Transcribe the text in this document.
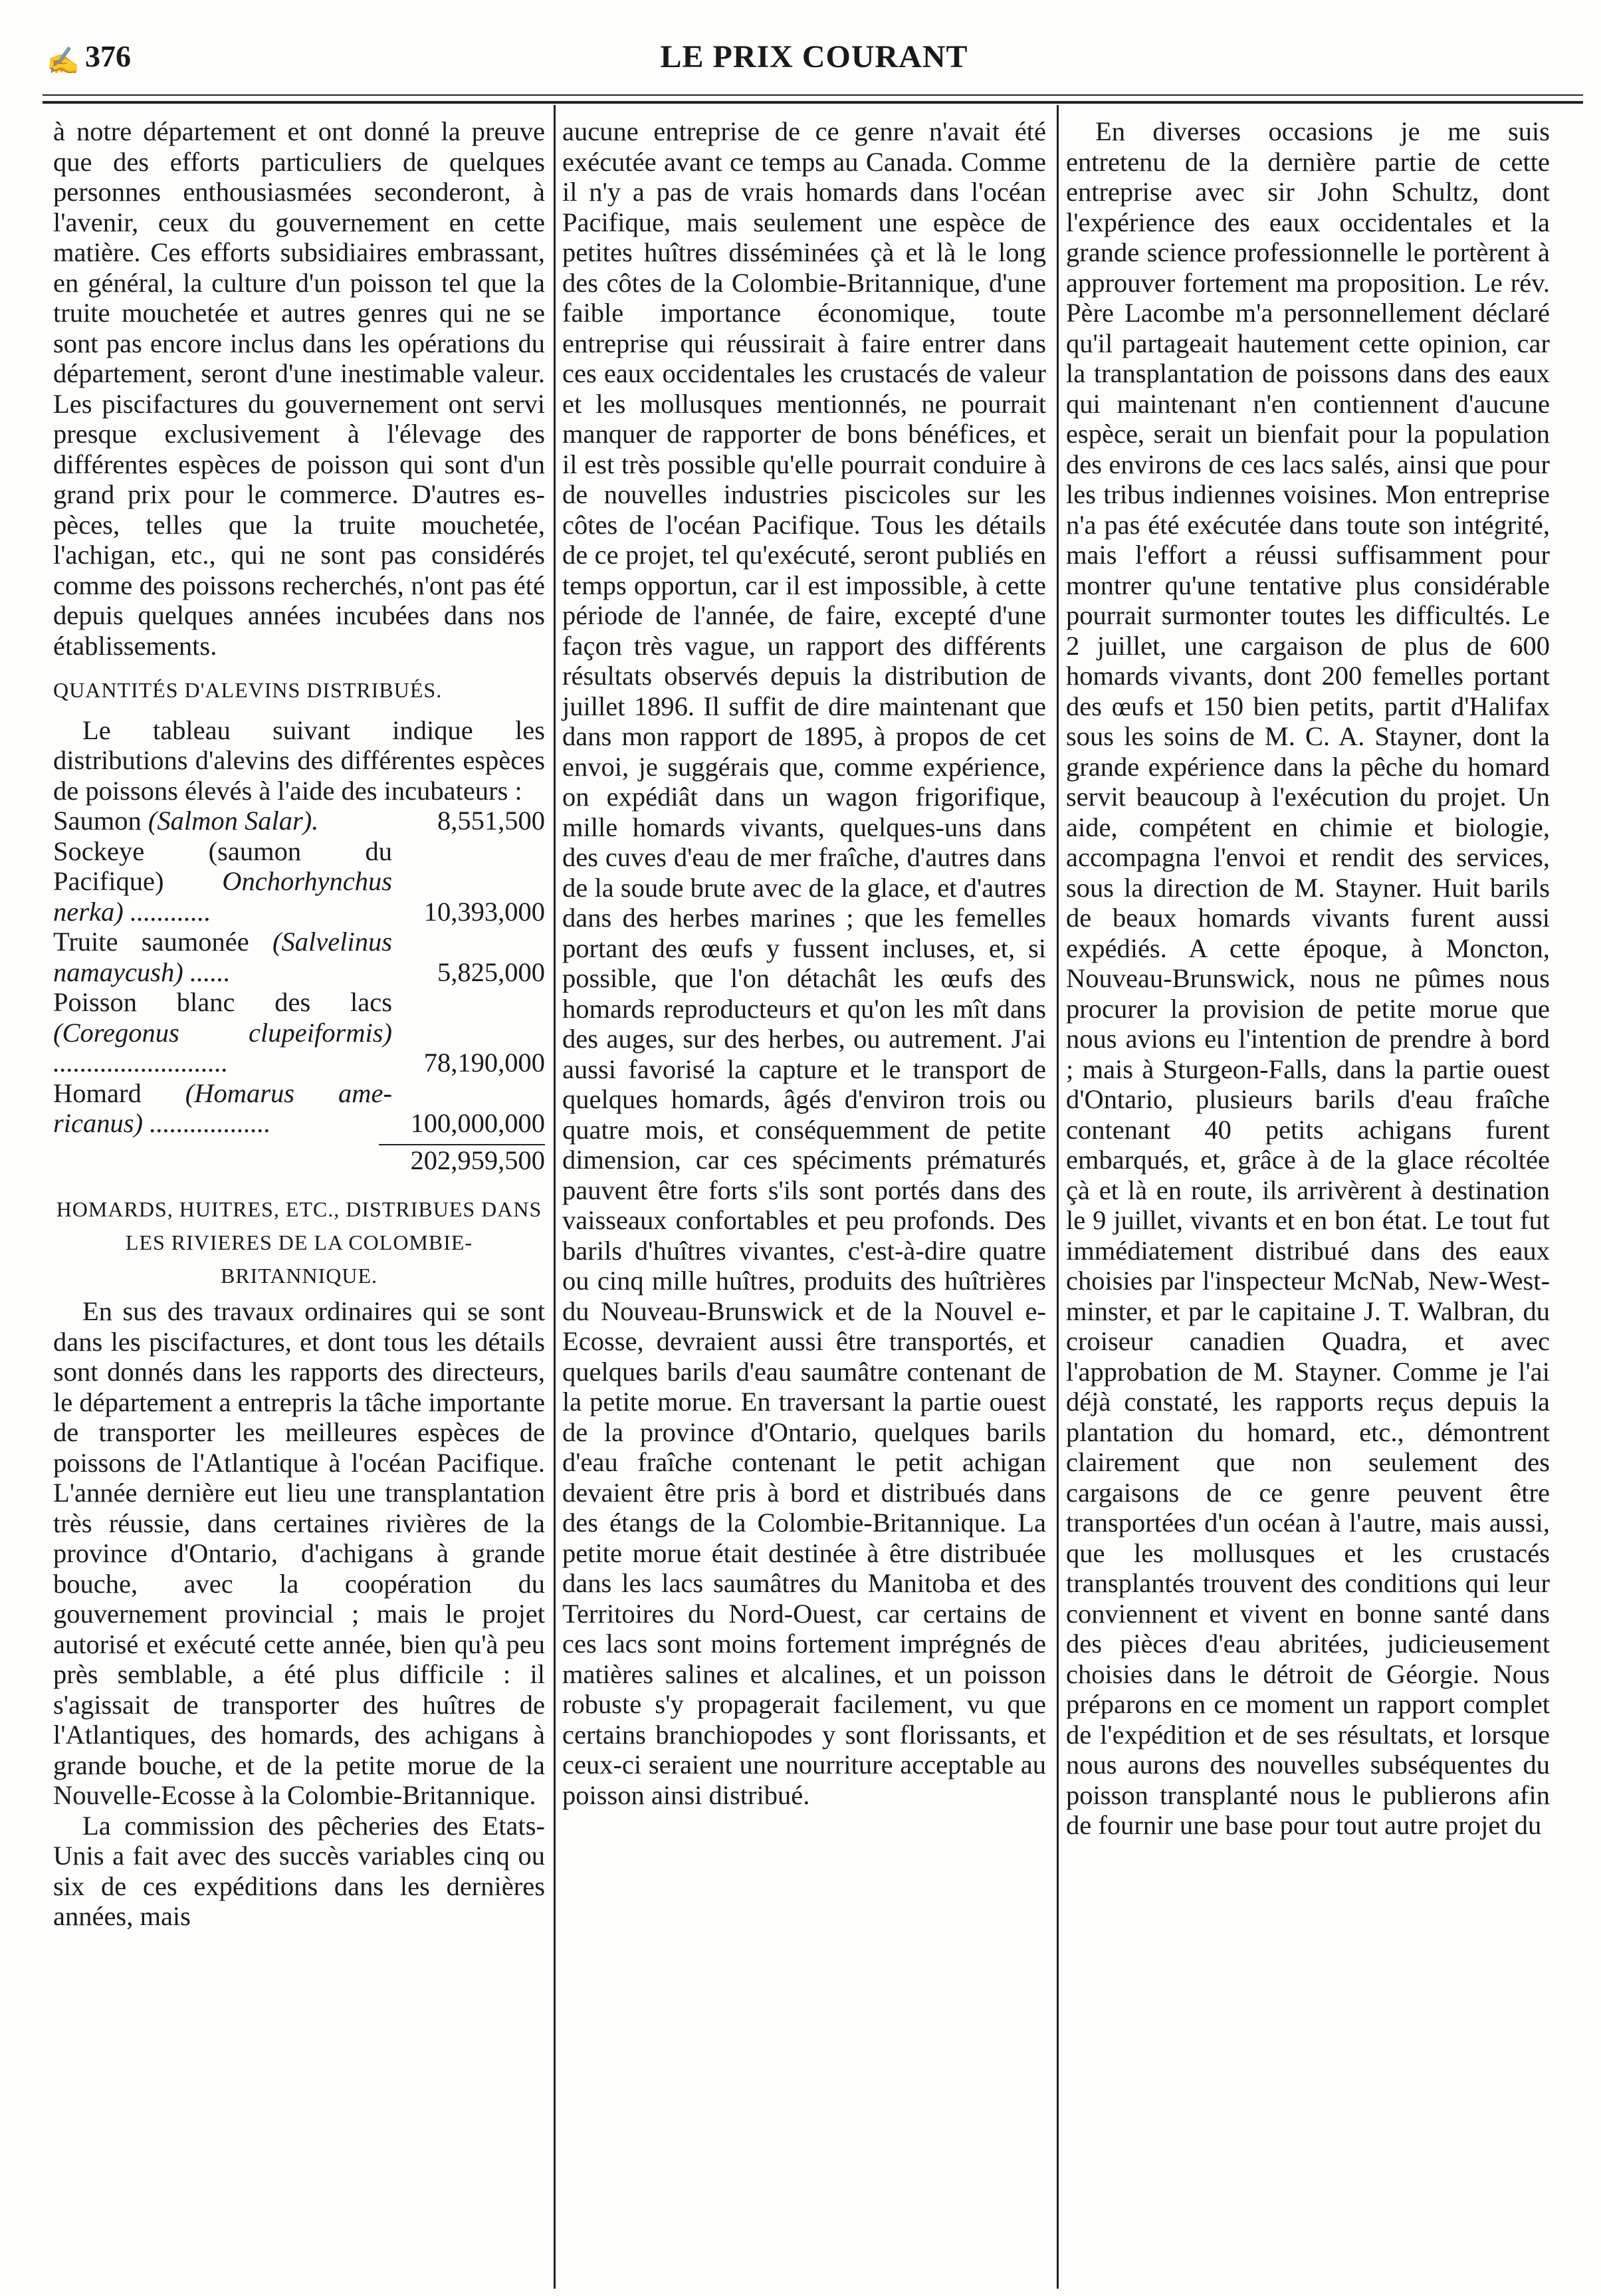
✍ 376	LE PRIX COURANT

à notre département et ont donné la preuve que des efforts particuliers de quelques personnes enthousiasmées seconderont, à l'avenir, ceux du gouvernement en cette matière. Ces efforts subsidiaires embrassant, en général, la culture d'un poisson tel que la truite mouchetée et autres genres qui ne se sont pas encore inclus dans les opérations du département, seront d'une inestimable valeur. Les piscifactures du gouvernement ont servi presque exclusivement à l'élevage des différentes espèces de poisson qui sont d'un grand prix pour le commerce. D'autres espèces, telles que la truite mouchetée, l'achigan, etc., qui ne sont pas considérés comme des poissons recherchés, n'ont pas été depuis quelques années incubées dans nos établissements.

QUANTITÉS D'ALEVINS DISTRIBUÉS.

Le tableau suivant indique les distributions d'alevins des différentes espèces de poissons élevés à l'aide des incubateurs :

Saumon (Salmon Salar).	8,551,500
Sockeye (saumon du Pacifique) Onchorhynchus nerka) ............	10,393,000
Truite saumonée (Salvelinus namaycush) ......	5,825,000
Poisson blanc des lacs (Coregonus clupeiformis) ..........................	78,190,000
Homard (Homarus americanus) ..................	100,000,000

202,959,500

HOMARDS, HUITRES, ETC., DISTRIBUES DANS LES RIVIERES DE LA COLOMBIE-BRITANNIQUE.

En sus des travaux ordinaires qui se sont dans les piscifactures, et dont tous les détails sont donnés dans les rapports des directeurs, le département a entrepris la tâche importante de transporter les meilleures espèces de poissons de l'Atlantique à l'océan Pacifique. L'année dernière eut lieu une transplantation très réussie, dans certaines rivières de la province d'Ontario, d'achigans à grande bouche, avec la coopération du gouvernement provincial ; mais le projet autorisé et exécuté cette année, bien qu'à peu près semblable, a été plus difficile : il s'agissait de transporter des huîtres de l'Atlantiques, des homards, des achigans à grande bouche, et de la petite morue de la Nouvelle-Ecosse à la Colombie-Britannique.

La commission des pêcheries des Etats-Unis a fait avec des succès variables cinq ou six de ces expéditions dans les dernières années, mais

aucune entreprise de ce genre n'avait été exécutée avant ce temps au Canada. Comme il n'y a pas de vrais homards dans l'océan Pacifique, mais seulement une espèce de petites huîtres disséminées çà et là le long des côtes de la Colombie-Britannique, d'une faible importance économique, toute entreprise qui réussirait à faire entrer dans ces eaux occidentales les crustacés de valeur et les mollusques mentionnés, ne pourrait manquer de rapporter de bons bénéfices, et il est très possible qu'elle pourrait conduire à de nouvelles industries piscicoles sur les côtes de l'océan Pacifique. Tous les détails de ce projet, tel qu'exécuté, seront publiés en temps opportun, car il est impossible, à cette période de l'année, de faire, excepté d'une façon très vague, un rapport des différents résultats observés depuis la distribution de juillet 1896. Il suffit de dire maintenant que dans mon rapport de 1895, à propos de cet envoi, je suggérais que, comme expérience, on expédiât dans un wagon frigorifique, mille homards vivants, quelques-uns dans des cuves d'eau de mer fraîche, d'autres dans de la soude brute avec de la glace, et d'autres dans des herbes marines ; que les femelles portant des œufs y fussent incluses, et, si possible, que l'on détachât les œufs des homards reproducteurs et qu'on les mît dans des auges, sur des herbes, ou autrement. J'ai aussi favorisé la capture et le transport de quelques homards, âgés d'environ trois ou quatre mois, et conséquemment de petite dimension, car ces spéciments prématurés pauvent être forts s'ils sont portés dans des vaisseaux confortables et peu profonds. Des barils d'huîtres vivantes, c'est-à-dire quatre ou cinq mille huîtres, produits des huîtrières du Nouveau-Brunswick et de la Nouvel e-Ecosse, devraient aussi être transportés, et quelques barils d'eau saumâtre contenant de la petite morue. En traversant la partie ouest de la province d'Ontario, quelques barils d'eau fraîche contenant le petit achigan devaient être pris à bord et distribués dans des étangs de la Colombie-Britannique. La petite morue était destinée à être distribuée dans les lacs saumâtres du Manitoba et des Territoires du Nord-Ouest, car certains de ces lacs sont moins fortement imprégnés de matières salines et alcalines, et un poisson robuste s'y propagerait facilement, vu que certains branchiopodes y sont florissants, et ceux-ci seraient une nourriture acceptable au poisson ainsi distribué.

En diverses occasions je me suis entretenu de la dernière partie de cette entreprise avec sir John Schultz, dont l'expérience des eaux occidentales et la grande science professionnelle le portèrent à approuver fortement ma proposition. Le rév. Père Lacombe m'a personnellement déclaré qu'il partageait hautement cette opinion, car la transplantation de poissons dans des eaux qui maintenant n'en contiennent d'aucune espèce, serait un bienfait pour la population des environs de ces lacs salés, ainsi que pour les tribus indiennes voisines. Mon entreprise n'a pas été exécutée dans toute son intégrité, mais l'effort a réussi suffisamment pour montrer qu'une tentative plus considérable pourrait surmonter toutes les difficultés. Le 2 juillet, une cargaison de plus de 600 homards vivants, dont 200 femelles portant des œufs et 150 bien petits, partit d'Halifax sous les soins de M. C. A. Stayner, dont la grande expérience dans la pêche du homard servit beaucoup à l'exécution du projet. Un aide, compétent en chimie et biologie, accompagna l'envoi et rendit des services, sous la direction de M. Stayner. Huit barils de beaux homards vivants furent aussi expédiés. A cette époque, à Moncton, Nouveau-Brunswick, nous ne pûmes nous procurer la provision de petite morue que nous avions eu l'intention de prendre à bord ; mais à Sturgeon-Falls, dans la partie ouest d'Ontario, plusieurs barils d'eau fraîche contenant 40 petits achigans furent embarqués, et, grâce à de la glace récoltée çà et là en route, ils arrivèrent à destination le 9 juillet, vivants et en bon état. Le tout fut immédiatement distribué dans des eaux choisies par l'inspecteur McNab, New-Westminster, et par le capitaine J. T. Walbran, du croiseur canadien Quadra, et avec l'approbation de M. Stayner. Comme je l'ai déjà constaté, les rapports reçus depuis la plantation du homard, etc., démontrent clairement que non seulement des cargaisons de ce genre peuvent être transportées d'un océan à l'autre, mais aussi, que les mollusques et les crustacés transplantés trouvent des conditions qui leur conviennent et vivent en bonne santé dans des pièces d'eau abritées, judicieusement choisies dans le détroit de Géorgie. Nous préparons en ce moment un rapport complet de l'expédition et de ses résultats, et lorsque nous aurons des nouvelles subséquentes du poisson transplanté nous le publierons afin de fournir une base pour tout autre projet du
